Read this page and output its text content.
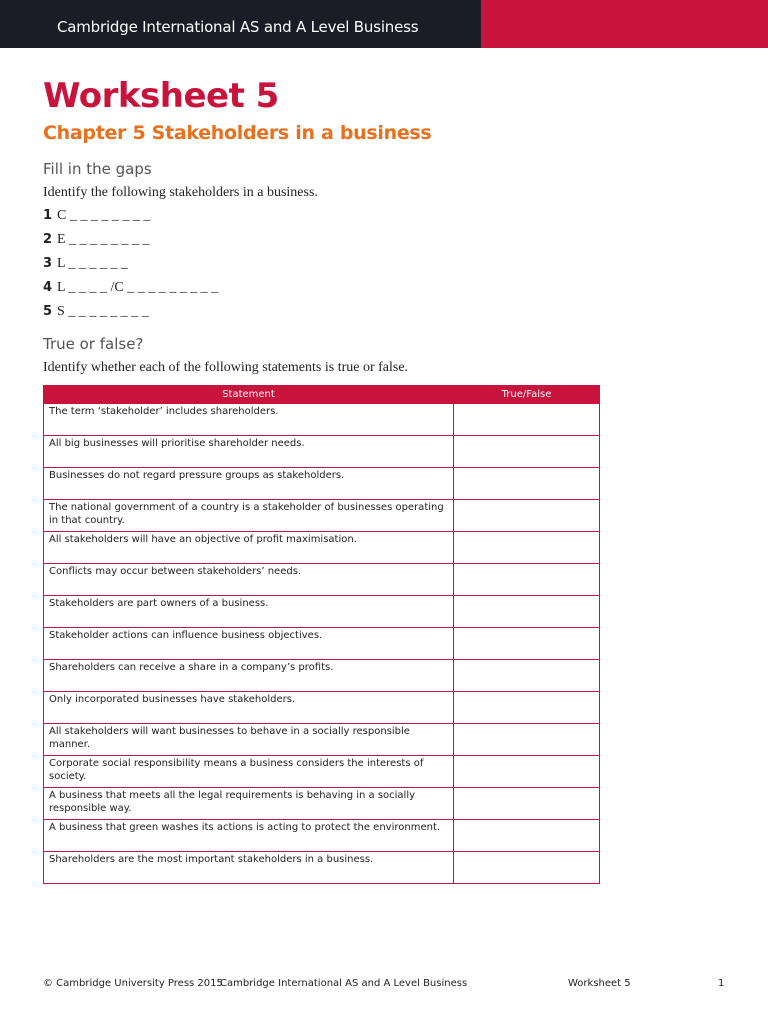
Cambridge International AS and A Level Business
Worksheet 5
Chapter 5 Stakeholders in a business
Fill in the gaps
Identify the following stakeholders in a business.
1 C _ _ _ _ _ _ _ _
2 E _ _ _ _ _ _ _ _
3 L _ _ _ _ _ _
4 L _ _ _ _ /C _ _ _ _ _ _ _ _ _
5 S _ _ _ _ _ _ _ _
True or false?
Identify whether each of the following statements is true or false.
Statement	True/False
The term ‘stakeholder’ includes shareholders.	
All big businesses will prioritise shareholder needs.	
Businesses do not regard pressure groups as stakeholders.	
The national government of a country is a stakeholder of businesses operating in that country.	
All stakeholders will have an objective of profit maximisation.	
Conflicts may occur between stakeholders’ needs.	
Stakeholders are part owners of a business.	
Stakeholder actions can influence business objectives.	
Shareholders can receive a share in a company’s profits.	
Only incorporated businesses have stakeholders.	
All stakeholders will want businesses to behave in a socially responsible manner.	
Corporate social responsibility means a business considers the interests of society.	
A business that meets all the legal requirements is behaving in a socially responsible way.	
A business that green washes its actions is acting to protect the environment.	
Shareholders are the most important stakeholders in a business.	
© Cambridge University Press 2015
Cambridge International AS and A Level Business	Worksheet 5	1
